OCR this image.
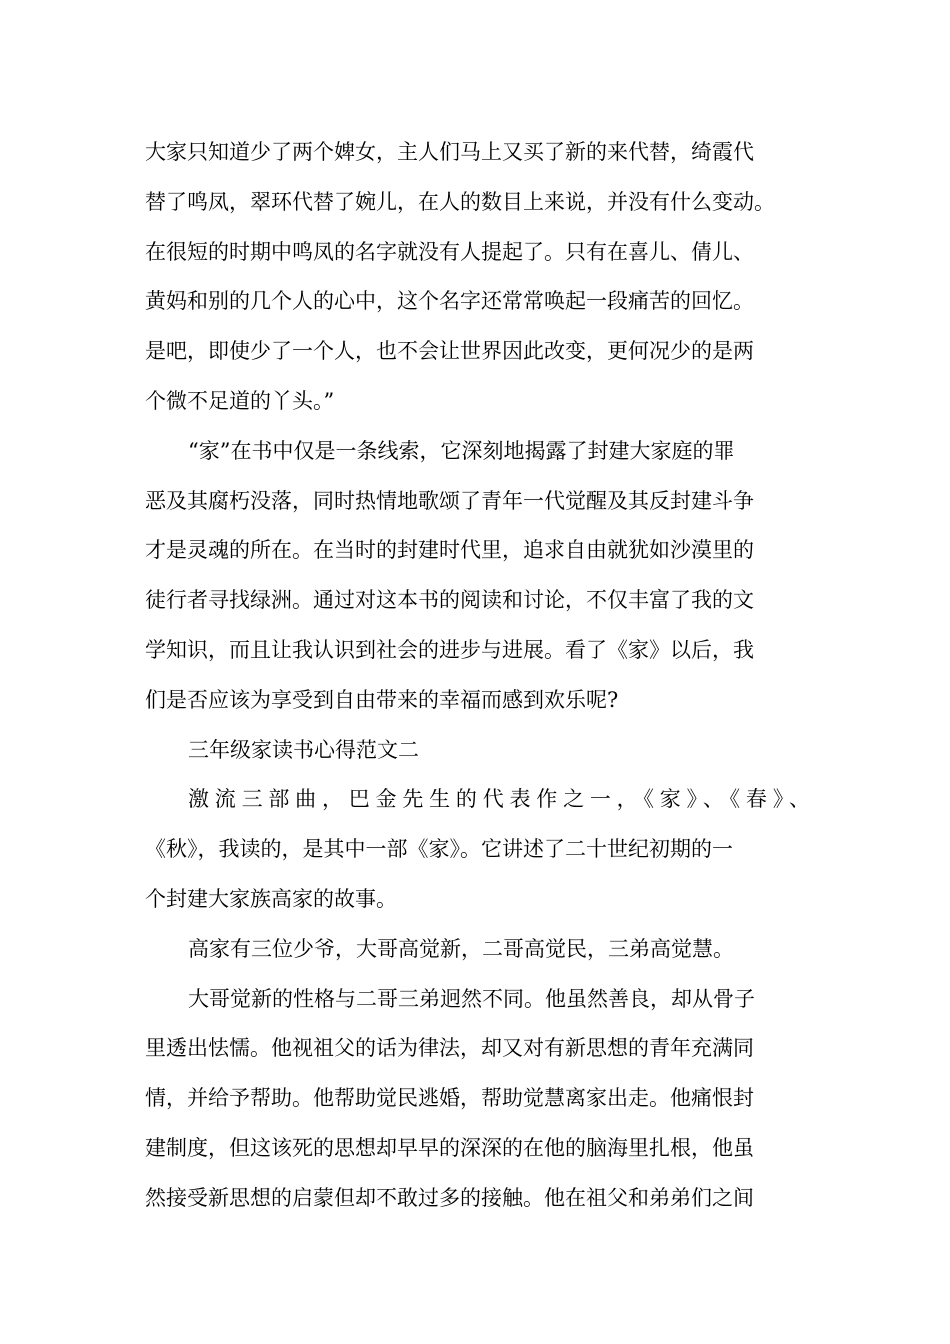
大家只知道少了两个婢女，主人们马上又买了新的来代替，绮霞代
替了鸣凤，翠环代替了婉儿，在人的数目上来说，并没有什么变动。
在很短的时期中鸣凤的名字就没有人提起了。只有在喜儿、倩儿、
黄妈和别的几个人的心中，这个名字还常常唤起一段痛苦的回忆。
是吧，即使少了一个人，也不会让世界因此改变，更何况少的是两
个微不足道的丫头。”
“家”在书中仅是一条线索，它深刻地揭露了封建大家庭的罪
恶及其腐朽没落，同时热情地歌颂了青年一代觉醒及其反封建斗争
才是灵魂的所在。在当时的封建时代里，追求自由就犹如沙漠里的
徒行者寻找绿洲。通过对这本书的阅读和讨论，不仅丰富了我的文
学知识，而且让我认识到社会的进步与进展。看了《家》以后，我
们是否应该为享受到自由带来的幸福而感到欢乐呢?
三年级家读书心得范文二
激流三部曲，巴金先生的代表作之一，《家》、《春》、
《秋》，我读的，是其中一部《家》。它讲述了二十世纪初期的一
个封建大家族高家的故事。
高家有三位少爷，大哥高觉新，二哥高觉民，三弟高觉慧。
大哥觉新的性格与二哥三弟迥然不同。他虽然善良，却从骨子
里透出怯懦。他视祖父的话为律法，却又对有新思想的青年充满同
情，并给予帮助。他帮助觉民逃婚，帮助觉慧离家出走。他痛恨封
建制度，但这该死的思想却早早的深深的在他的脑海里扎根，他虽
然接受新思想的启蒙但却不敢过多的接触。他在祖父和弟弟们之间
